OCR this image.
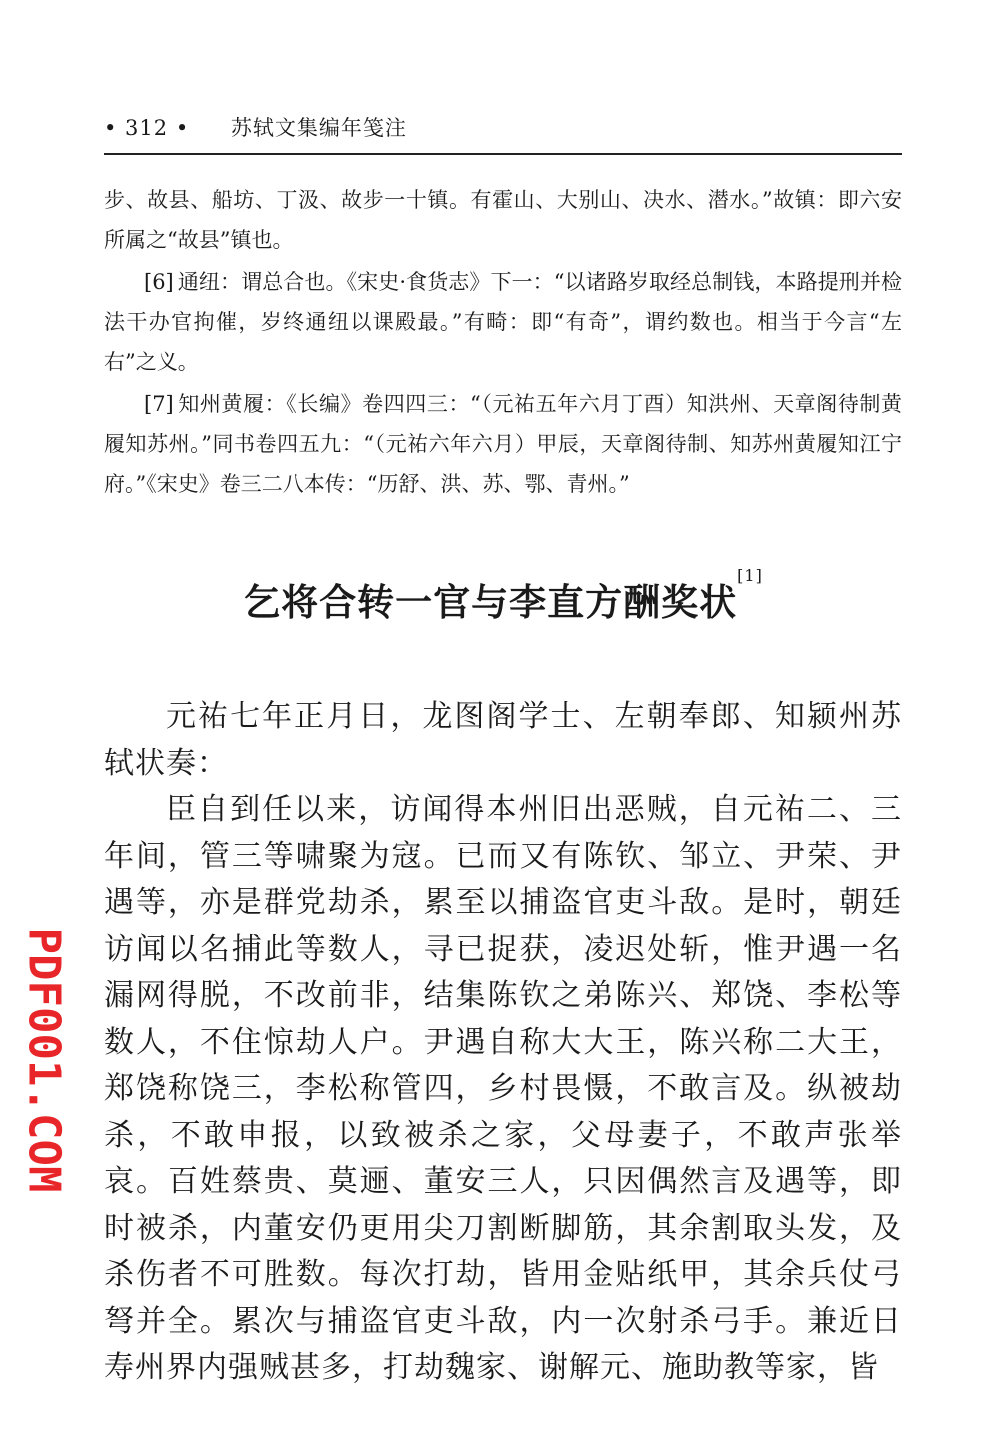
• 312 • 苏轼文集编年笺注

步、故县、船坊、丁汲、故步一十镇。有霍山、大别山、决水、潜水。”故镇：即六安所属之“故县”镇也。

[6] 通纽：谓总合也。《宋史·食货志》下一：“以诸路岁取经总制钱，本路提刑并检法干办官拘催，岁终通纽以课殿最。”有畸：即“有奇”，谓约数也。相当于今言“左右”之义。

[7] 知州黄履：《长编》卷四四三：“（元祐五年六月丁酉）知洪州、天章阁待制黄履知苏州。”同书卷四五九：“（元祐六年六月）甲辰，天章阁待制、知苏州黄履知江宁府。”《宋史》卷三二八本传：“历舒、洪、苏、鄂、青州。”

乞将合转一官与李直方酬奖状[1]

元祐七年正月日，龙图阁学士、左朝奉郎、知颍州苏轼状奏：

臣自到任以来，访闻得本州旧出恶贼，自元祐二、三年间，管三等啸聚为寇。已而又有陈钦、邹立、尹荣、尹遇等，亦是群党劫杀，累至以捕盗官吏斗敌。是时，朝廷访闻以名捕此等数人，寻已捉获，凌迟处斩，惟尹遇一名漏网得脱，不改前非，结集陈钦之弟陈兴、郑饶、李松等数人，不住惊劫人户。尹遇自称大大王，陈兴称二大王，郑饶称饶三，李松称管四，乡村畏慑，不敢言及。纵被劫杀，不敢申报，以致被杀之家，父母妻子，不敢声张举哀。百姓蔡贵、莫逦、董安三人，只因偶然言及遇等，即时被杀，内董安仍更用尖刀割断脚筋，其余割取头发，及杀伤者不可胜数。每次打劫，皆用金贴纸甲，其余兵仗弓弩并全。累次与捕盗官吏斗敌，内一次射杀弓手。兼近日寿州界内强贼甚多，打劫魏家、谢解元、施助教等家，皆

PDF001.COM
